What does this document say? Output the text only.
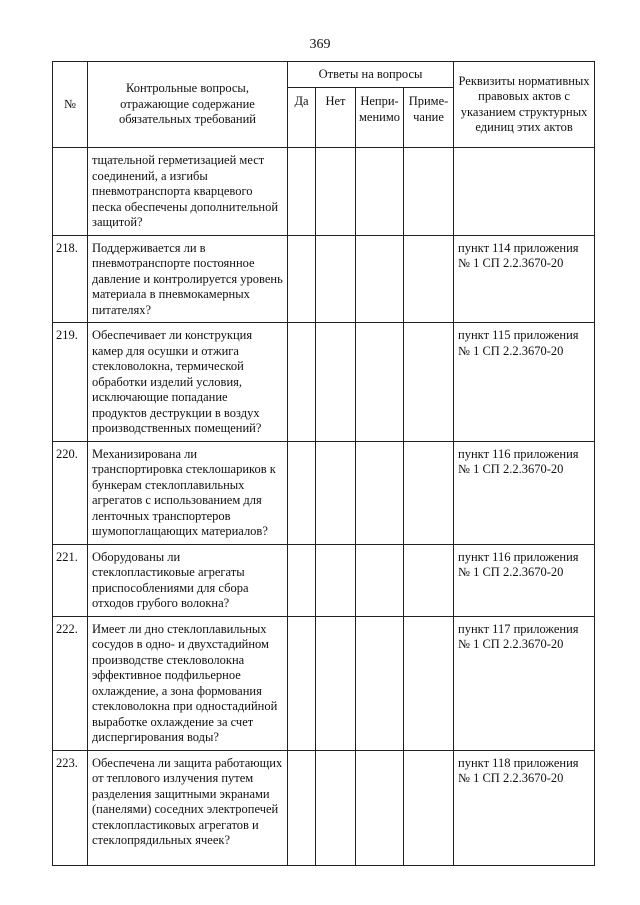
369
№	Контрольные вопросы, отражающие содержание обязательных требований	Ответы на вопросы				Реквизиты нормативных правовых актов с указанием структурных единиц этих актов
		Да	Нет	Непри-менимо	Приме-чание	
	тщательной герметизацией мест соединений, а изгибы пневмотранспорта кварцевого песка обеспечены дополнительной защитой?					
218.	Поддерживается ли в пневмотранспорте постоянное давление и контролируется уровень материала в пневмокамерных питателях?					пункт 114 приложения № 1 СП 2.2.3670-20
219.	Обеспечивает ли конструкция камер для осушки и отжига стекловолокна, термической обработки изделий условия, исключающие попадание продуктов деструкции в воздух производственных помещений?					пункт 115 приложения № 1 СП 2.2.3670-20
220.	Механизирована ли транспортировка стеклошариков к бункерам стеклоплавильных агрегатов с использованием для ленточных транспортеров шумопоглащающих материалов?					пункт 116 приложения № 1 СП 2.2.3670-20
221.	Оборудованы ли стеклопластиковые агрегаты приспособлениями для сбора отходов грубого волокна?					пункт 116 приложения № 1 СП 2.2.3670-20
222.	Имеет ли дно стеклоплавильных сосудов в одно- и двухстадийном производстве стекловолокна эффективное подфильерное охлаждение, а зона формования стекловолокна при одностадийной выработке охлаждение за счет диспергирования воды?					пункт 117 приложения № 1 СП 2.2.3670-20
223.	Обеспечена ли защита работающих от теплового излучения путем разделения защитными экранами (панелями) соседних электропечей стеклопластиковых агрегатов и стеклопрядильных ячеек?					пункт 118 приложения № 1 СП 2.2.3670-20
